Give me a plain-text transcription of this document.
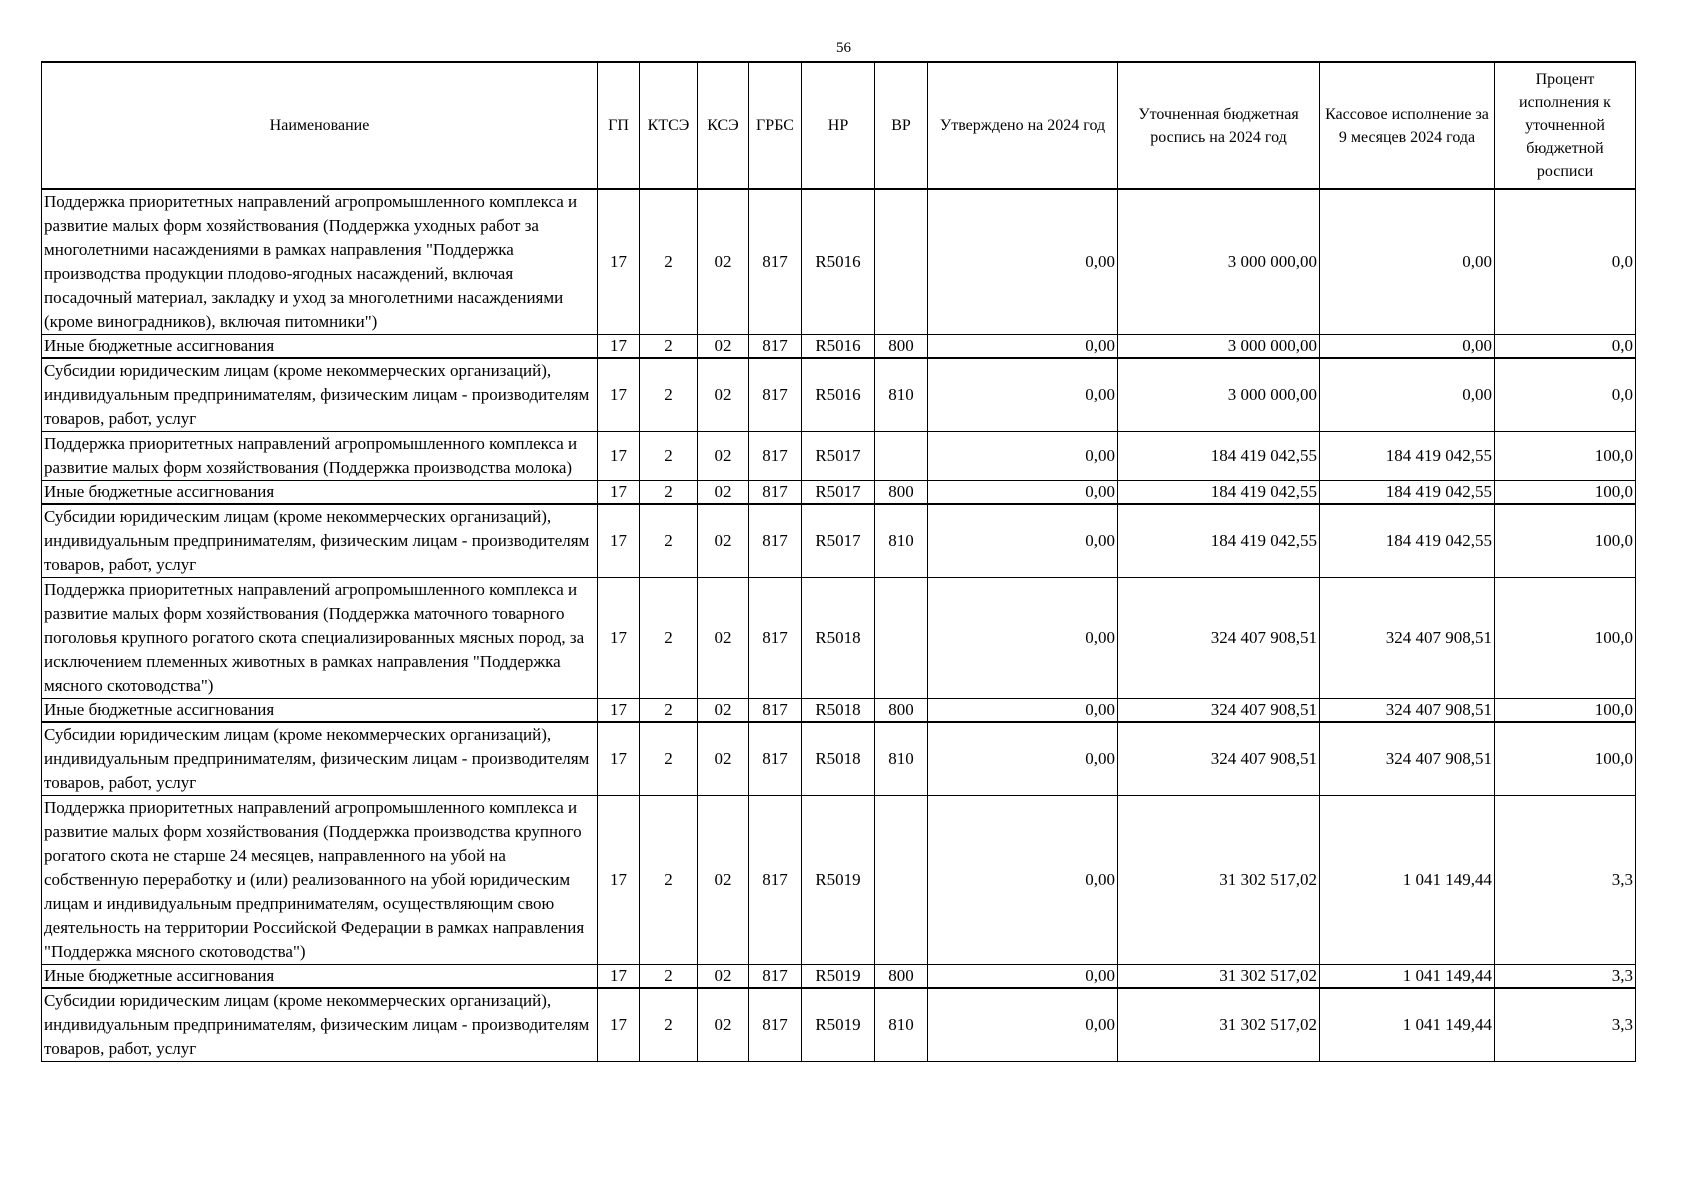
56
Наименование	ГП	КТСЭ	КСЭ	ГРБС	НР	ВР	Утверждено на 2024 год	Уточненная бюджетная роспись на 2024 год	Кассовое исполнение за 9 месяцев 2024 года	Процент исполнения к уточненной бюджетной росписи
Поддержка приоритетных направлений агропромышленного комплекса и развитие малых форм хозяйствования (Поддержка уходных работ за многолетними насаждениями в рамках направления "Поддержка производства продукции плодово-ягодных насаждений, включая посадочный материал, закладку и уход за многолетними насаждениями (кроме виноградников), включая питомники")	17	2	02	817	R5016		0,00	3 000 000,00	0,00	0,0
Иные бюджетные ассигнования	17	2	02	817	R5016	800	0,00	3 000 000,00	0,00	0,0
Субсидии юридическим лицам (кроме некоммерческих организаций), индивидуальным предпринимателям, физическим лицам - производителям товаров, работ, услуг	17	2	02	817	R5016	810	0,00	3 000 000,00	0,00	0,0
Поддержка приоритетных направлений агропромышленного комплекса и развитие малых форм хозяйствования (Поддержка производства молока)	17	2	02	817	R5017		0,00	184 419 042,55	184 419 042,55	100,0
Иные бюджетные ассигнования	17	2	02	817	R5017	800	0,00	184 419 042,55	184 419 042,55	100,0
Субсидии юридическим лицам (кроме некоммерческих организаций), индивидуальным предпринимателям, физическим лицам - производителям товаров, работ, услуг	17	2	02	817	R5017	810	0,00	184 419 042,55	184 419 042,55	100,0
Поддержка приоритетных направлений агропромышленного комплекса и развитие малых форм хозяйствования (Поддержка маточного товарного поголовья крупного рогатого скота специализированных мясных пород, за исключением племенных животных в рамках направления "Поддержка мясного скотоводства")	17	2	02	817	R5018		0,00	324 407 908,51	324 407 908,51	100,0
Иные бюджетные ассигнования	17	2	02	817	R5018	800	0,00	324 407 908,51	324 407 908,51	100,0
Субсидии юридическим лицам (кроме некоммерческих организаций), индивидуальным предпринимателям, физическим лицам - производителям товаров, работ, услуг	17	2	02	817	R5018	810	0,00	324 407 908,51	324 407 908,51	100,0
Поддержка приоритетных направлений агропромышленного комплекса и развитие малых форм хозяйствования (Поддержка производства крупного рогатого скота не старше 24 месяцев, направленного на убой на собственную переработку и (или) реализованного на убой юридическим лицам и индивидуальным предпринимателям, осуществляющим свою деятельность на территории Российской Федерации в рамках направления "Поддержка мясного скотоводства")	17	2	02	817	R5019		0,00	31 302 517,02	1 041 149,44	3,3
Иные бюджетные ассигнования	17	2	02	817	R5019	800	0,00	31 302 517,02	1 041 149,44	3,3
Субсидии юридическим лицам (кроме некоммерческих организаций), индивидуальным предпринимателям, физическим лицам - производителям товаров, работ, услуг	17	2	02	817	R5019	810	0,00	31 302 517,02	1 041 149,44	3,3
